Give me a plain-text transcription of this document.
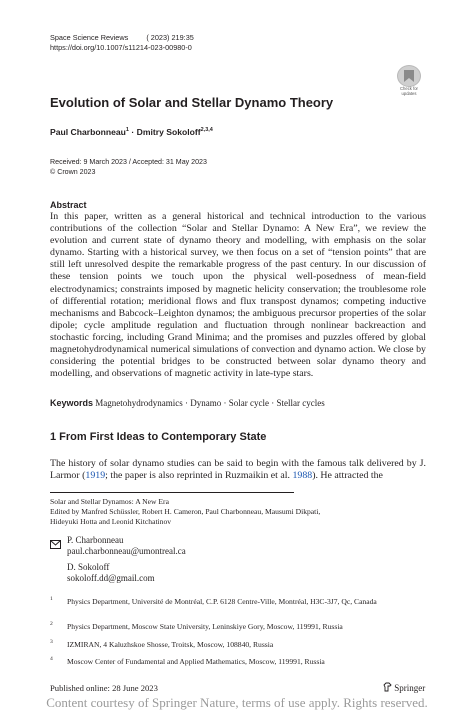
Space Science Reviews ( 2023) 219:35
https://doi.org/10.1007/s11214-023-00980-0
Check for
updates
Evolution of Solar and Stellar Dynamo Theory
Paul Charbonneau$^1$ · Dmitry Sokoloff$^{2,3,4}$
Received: 9 March 2023 / Accepted: 31 May 2023
© Crown 2023
Abstract
In this paper, written as a general historical and technical introduction to the various contributions of the collection “Solar and Stellar Dynamo: A New Era”, we review the evolution and current state of dynamo theory and modelling, with emphasis on the solar dynamo. Starting with a historical survey, we then focus on a set of “tension points” that are still left unresolved despite the remarkable progress of the past century. In our discussion of these tension points we touch upon the physical well-posedness of mean-field electrodynamics; constraints imposed by magnetic helicity conservation; the troublesome role of differential rotation; meridional flows and flux transpost dynamos; competing inductive mechanisms and Babcock–Leighton dynamos; the ambiguous precursor properties of the solar dipole; cycle amplitude regulation and fluctuation through nonlinear backreaction and stochastic forcing, including Grand Minima; and the promises and puzzles offered by global magnetohydrodynamical numerical simulations of convection and dynamo action. We close by considering the potential bridges to be constructed between solar dynamo theory and modelling, and observations of magnetic activity in late-type stars.
Keywords Magnetohydrodynamics · Dynamo · Solar cycle · Stellar cycles
1 From First Ideas to Contemporary State
The history of solar dynamo studies can be said to begin with the famous talk delivered by J. Larmor (1919; the paper is also reprinted in Ruzmaikin et al. 1988). He attracted the
Solar and Stellar Dynamos: A New Era
Edited by Manfred Schüssler, Robert H. Cameron, Paul Charbonneau, Mausumi Dikpati,
Hideyuki Hotta and Leonid Kitchatinov
P. Charbonneau
paul.charbonneau@umontreal.ca
D. Sokoloff
sokoloff.dd@gmail.com
1 Physics Department, Université de Montréal, C.P. 6128 Centre-Ville, Montréal, H3C-3J7, Qc, Canada
2 Physics Department, Moscow State University, Leninskiye Gory, Moscow, 119991, Russia
3 IZMIRAN, 4 Kaluzhskoe Shosse, Troitsk, Moscow, 108840, Russia
4 Moscow Center of Fundamental and Applied Mathematics, Moscow, 119991, Russia
Published online: 28 June 2023	Springer
Content courtesy of Springer Nature, terms of use apply. Rights reserved.
